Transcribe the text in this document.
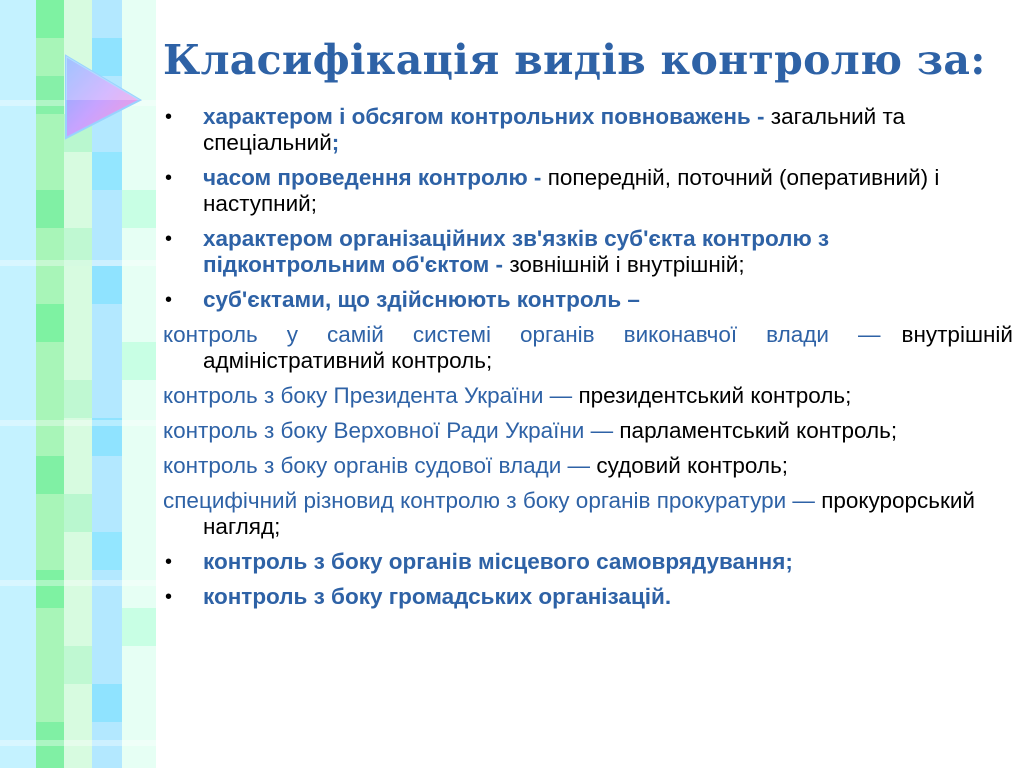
Класифікація видів контролю за:

•	характером і обсягом контрольних повноважень - загальний та спеціальний;

•	часом проведення контролю - попередній, поточний (оперативний) і наступний;

•	характером організаційних зв'язків суб'єкта контролю з підконтрольним об'єктом - зовнішній і внутрішній;

•	суб'єктами, що здійснюють контроль –

контроль у самій системі органів виконавчої влади — внутрішній адміністративний контроль;

контроль з боку Президента України — президентський контроль;

контроль з боку Верховної Ради України — парламентський контроль;

контроль з боку органів судової влади — судовий контроль;

специфічний різновид контролю з боку органів прокуратури — прокурорський нагляд;

•	контроль з боку органів місцевого самоврядування;

•	контроль з боку громадських організацій.
